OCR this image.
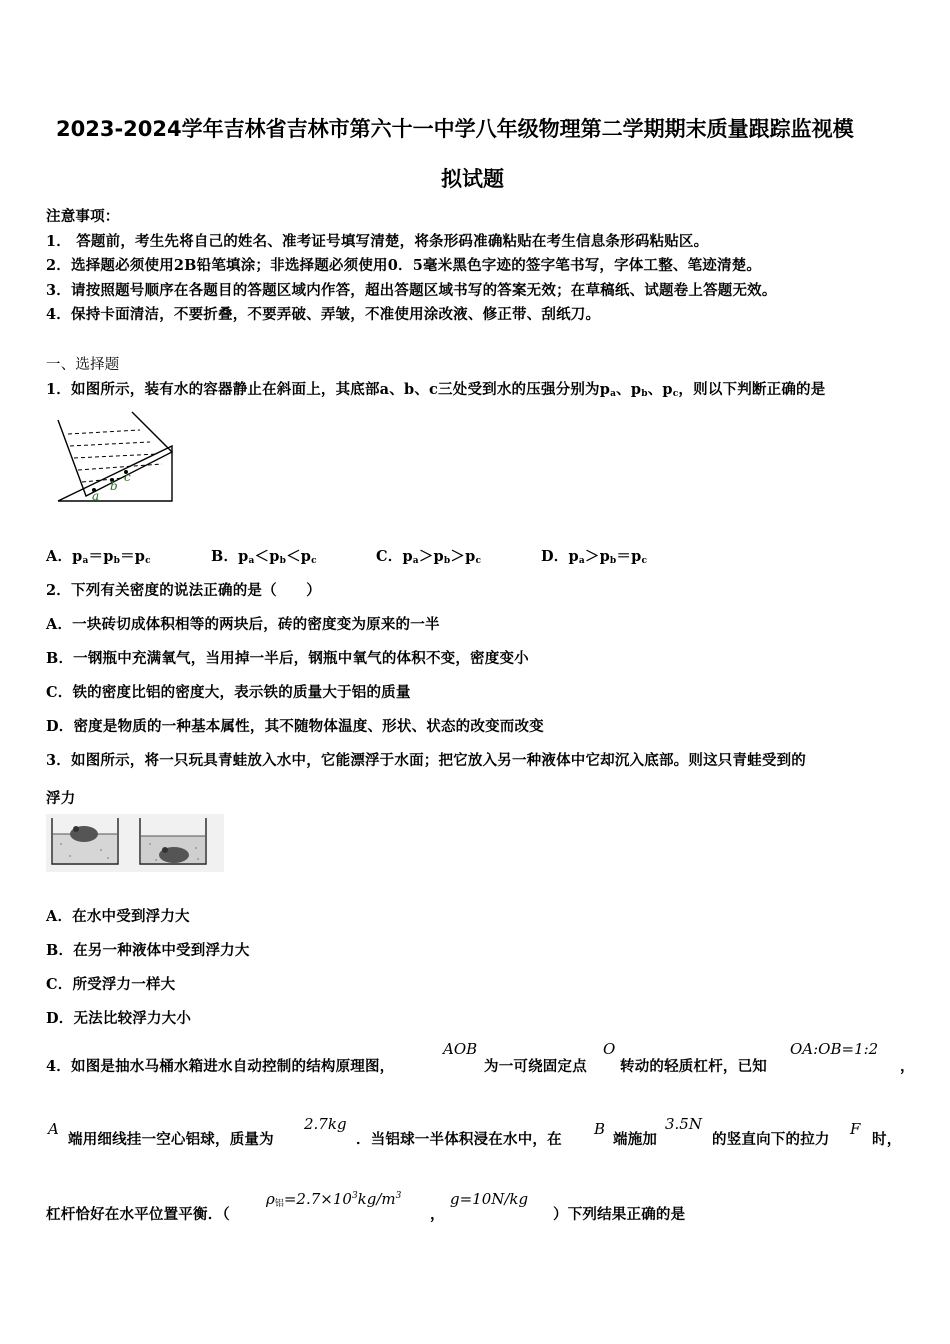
2023-2024学年吉林省吉林市第六十一中学八年级物理第二学期期末质量跟踪监视模
拟试题
注意事项：
1． 答题前，考生先将自己的姓名、准考证号填写清楚，将条形码准确粘贴在考生信息条形码粘贴区。
2．选择题必须使用2B铅笔填涂；非选择题必须使用0．5毫米黑色字迹的签字笔书写，字体工整、笔迹清楚。
3．请按照题号顺序在各题目的答题区域内作答，超出答题区域书写的答案无效；在草稿纸、试题卷上答题无效。
4．保持卡面清洁，不要折叠，不要弄破、弄皱，不准使用涂改液、修正带、刮纸刀。
一、选择题
1．如图所示，装有水的容器静止在斜面上，其底部a、b、c三处受到水的压强分别为$p_a$、$p_b$、$p_c$，则以下判断正确的是
a
b
c
A．$p_a=p_b=p_c$	B．$p_a<p_b<p_c$	C．$p_a>p_b>p_c$	D．$p_a>p_b=p_c$
2．下列有关密度的说法正确的是（　　）
A．一块砖切成体积相等的两块后，砖的密度变为原来的一半
B．一钢瓶中充满氧气，当用掉一半后，钢瓶中氧气的体积不变，密度变小
C．铁的密度比铝的密度大，表示铁的质量大于铝的质量
D．密度是物质的一种基本属性，其不随物体温度、形状、状态的改变而改变
3．如图所示，将一只玩具青蛙放入水中，它能漂浮于水面；把它放入另一种液体中它却沉入底部。则这只青蛙受到的
浮力
A．在水中受到浮力大
B．在另一种液体中受到浮力大
C．所受浮力一样大
D．无法比较浮力大小
4．如图是抽水马桶水箱进水自动控制的结构原理图，
AOB
为一可绕固定点
O
转动的轻质杠杆，已知
OA:OB=1:2
，
A
端用细线挂一空心铝球，质量为
2.7kg
．当铝球一半体积浸在水中，在
B
端施加
3.5N
的竖直向下的拉力
F
时，
杠杆恰好在水平位置平衡．（
$\rho_铝=2.7\times 10^3kg/m^3$
，
g=10N/kg
）下列结果正确的是
